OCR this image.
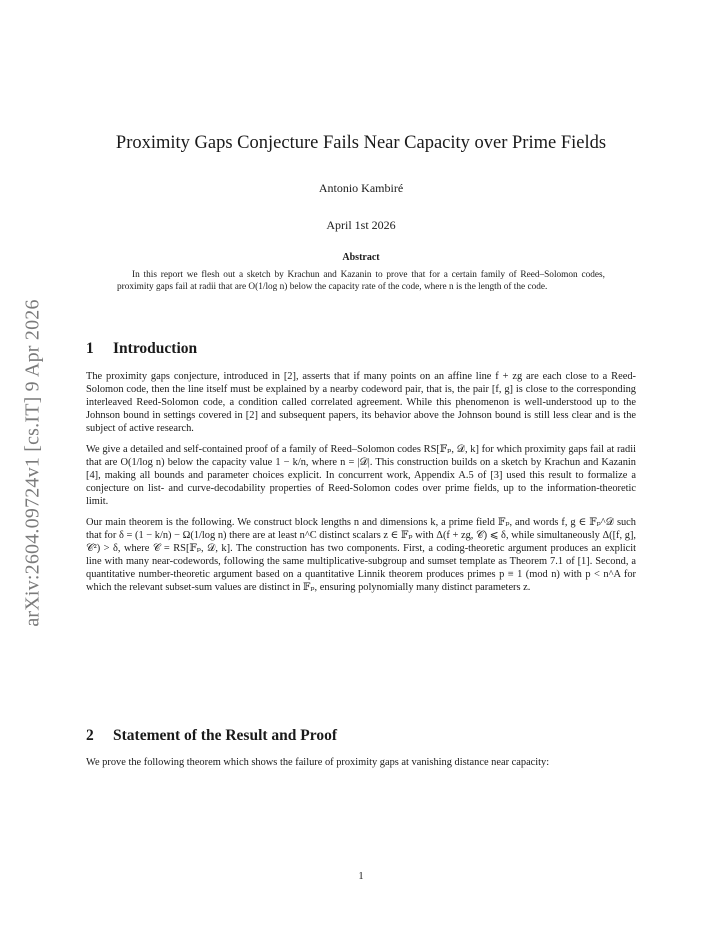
arXiv:2604.09724v1 [cs.IT] 9 Apr 2026
Proximity Gaps Conjecture Fails Near Capacity over Prime Fields
Antonio Kambiré
April 1st 2026
Abstract

In this report we flesh out a sketch by Krachun and Kazanin to prove that for a certain family of Reed–Solomon codes, proximity gaps fail at radii that are O(1/log n) below the capacity rate of the code, where n is the length of the code.

1	Introduction

The proximity gaps conjecture, introduced in [2], asserts that if many points on an affine line f + zg are each close to a Reed-Solomon code, then the line itself must be explained by a nearby codeword pair, that is, the pair [f, g] is close to the corresponding interleaved Reed-Solomon code, a condition called correlated agreement. While this phenomenon is well-understood up to the Johnson bound in settings covered in [2] and subsequent papers, its behavior above the Johnson bound is still less clear and is the subject of active research.

We give a detailed and self-contained proof of a family of Reed–Solomon codes RS[𝔽ₚ, 𝒟, k] for which proximity gaps fail at radii that are O(1/log n) below the capacity value 1 − k/n, where n = |𝒟|. This construction builds on a sketch by Krachun and Kazanin [4], making all bounds and parameter choices explicit. In concurrent work, Appendix A.5 of [3] used this result to formalize a conjecture on list- and curve-decodability properties of Reed-Solomon codes over prime fields, up to the information-theoretic limit.

Our main theorem is the following. We construct block lengths n and dimensions k, a prime field 𝔽ₚ, and words f, g ∈ 𝔽ₚ^𝒟 such that for δ = (1 − k/n) − Ω(1/log n) there are at least n^C distinct scalars z ∈ 𝔽ₚ with Δ(f + zg, 𝒞) ⩽ δ, while simultaneously Δ([f, g], 𝒞²) > δ, where 𝒞 = RS[𝔽ₚ, 𝒟, k]. The construction has two components. First, a coding-theoretic argument produces an explicit line with many near-codewords, following the same multiplicative-subgroup and sumset template as Theorem 7.1 of [1]. Second, a quantitative number-theoretic argument based on a quantitative Linnik theorem produces primes p ≡ 1 (mod n) with p < n^A for which the relevant subset-sum values are distinct in 𝔽ₚ, ensuring polynomially many distinct parameters z.

2	Statement of the Result and Proof

We prove the following theorem which shows the failure of proximity gaps at vanishing distance near capacity:

1
